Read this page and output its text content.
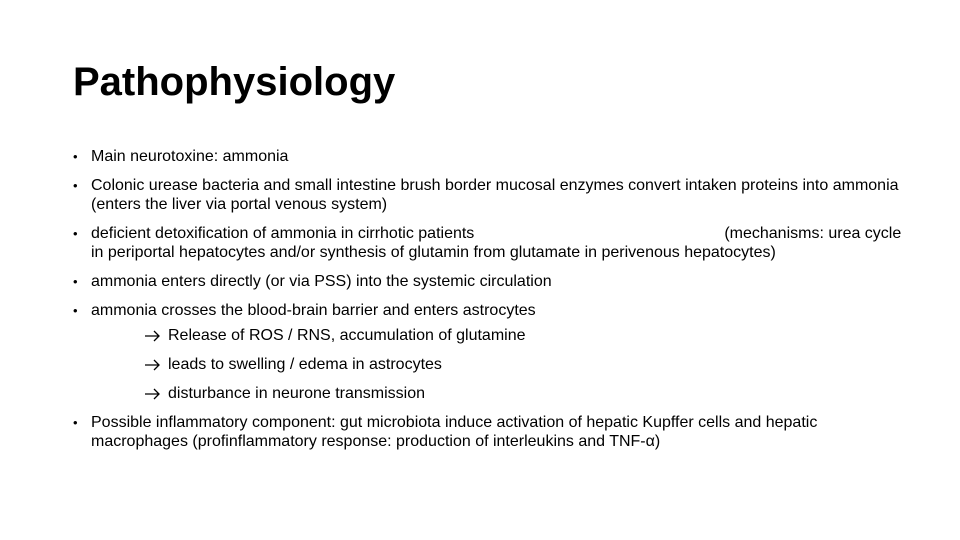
Pathophysiology
• Main neurotoxine: ammonia
• Colonic urease bacteria and small intestine brush border mucosal enzymes convert intaken proteins into ammonia (enters the liver via portal venous system)
• deficient detoxification of ammonia in cirrhotic patients	(mechanisms: urea cycle in periportal hepatocytes and/or synthesis of glutamin from glutamate in perivenous hepatocytes)
• ammonia enters directly (or via PSS) into the systemic circulation
• ammonia crosses the blood-brain barrier and enters astrocytes
Release of ROS / RNS, accumulation of glutamine
leads to swelling / edema in astrocytes
disturbance in neurone transmission
• Possible inflammatory component: gut microbiota induce activation of hepatic Kupffer cells and hepatic macrophages (profinflammatory response: production of interleukins and TNF-α)
